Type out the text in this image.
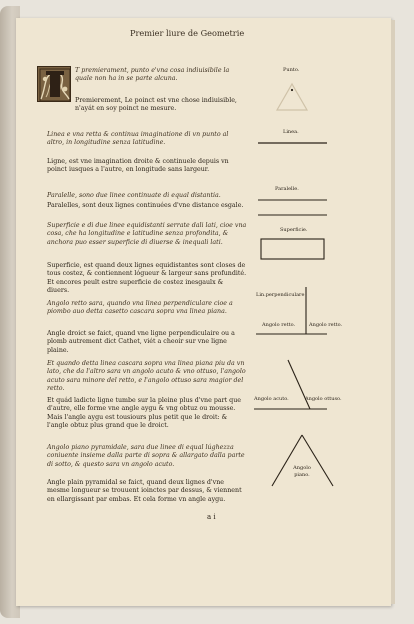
Premier liure de Geometrie
T premierament, punto e'vna cosa indiuisibile la quale non ha in se parte alcuna.
Premierement, Le poinct est vne chose indiuisible, n'ayát en soy poinct ne mesure.
Linea e vna retta & continua imaginatione di vn punto al altro, in longitudine senza latitudine.
Ligne, est vne imagination droite & continuele depuis vn poinct iusques a l'autre, en longitude sans largeur.
Paralelle, sono due linee continuate di equal distantia.
Paralelles, sont deux lignes continuées d'vne distance esgale.
Superficie e di due linee equidistanti serrate dali lati, cioe vna cosa, che ha longitudine e latitudine senza profondita, & anchora puo esser superficie di diuerse & inequali lati.
Superficie, est quand deux lignes equidistantes sont closes de tous costez, & contiennent lógueur & largeur sans profundité. Et encores peult estre superficie de costez inesgaulx & diuers.
Angolo retto sara, quando vna linea perpendiculare cioe a piombo auo detta casetto cascara sopra vna linea piana.
Angle droict se faict, quand vne ligne perpendiculaire ou a plomb autrement dict Cathet, viét a cheoir sur vne ligne plaine.
Et quando detta linea cascara sopra vna linea piana piu da vn lato, che da l'altro sara vn angolo acuto & vno ottuso, l'angolo acuto sara minore del retto, e l'angolo ottuso sara magior del retto.
Et quád ladicte ligne tumbe sur la pleine plus d'vne part que d'autre, elle forme vne angle aygu & vng obtuz ou mousse. Mais l'angle aygu est tousiours plus petit que le droit: & l'angle obtuz plus grand que le droict.
Angolo piano pyramidale, sara due linee di equal lúghezza coniuente insieme dalla parte di sopra & allargato dalla parte di sotto, & questo sara vn angolo acuto.
Angle plain pyramidal se faict, quand deux lignes d'vne mesme longueur se trouuent ioinctes par dessus, & viennent en ellargissant par embas. Et cela forme vn angle aygu.
Punto.
Linea.
Paralelle.
Superficie.
Lin.perpendiculare
Angolo retto.	Angolo retto.
Angolo acuto.	Angolo ottuso.
Angolo piano.
a i
